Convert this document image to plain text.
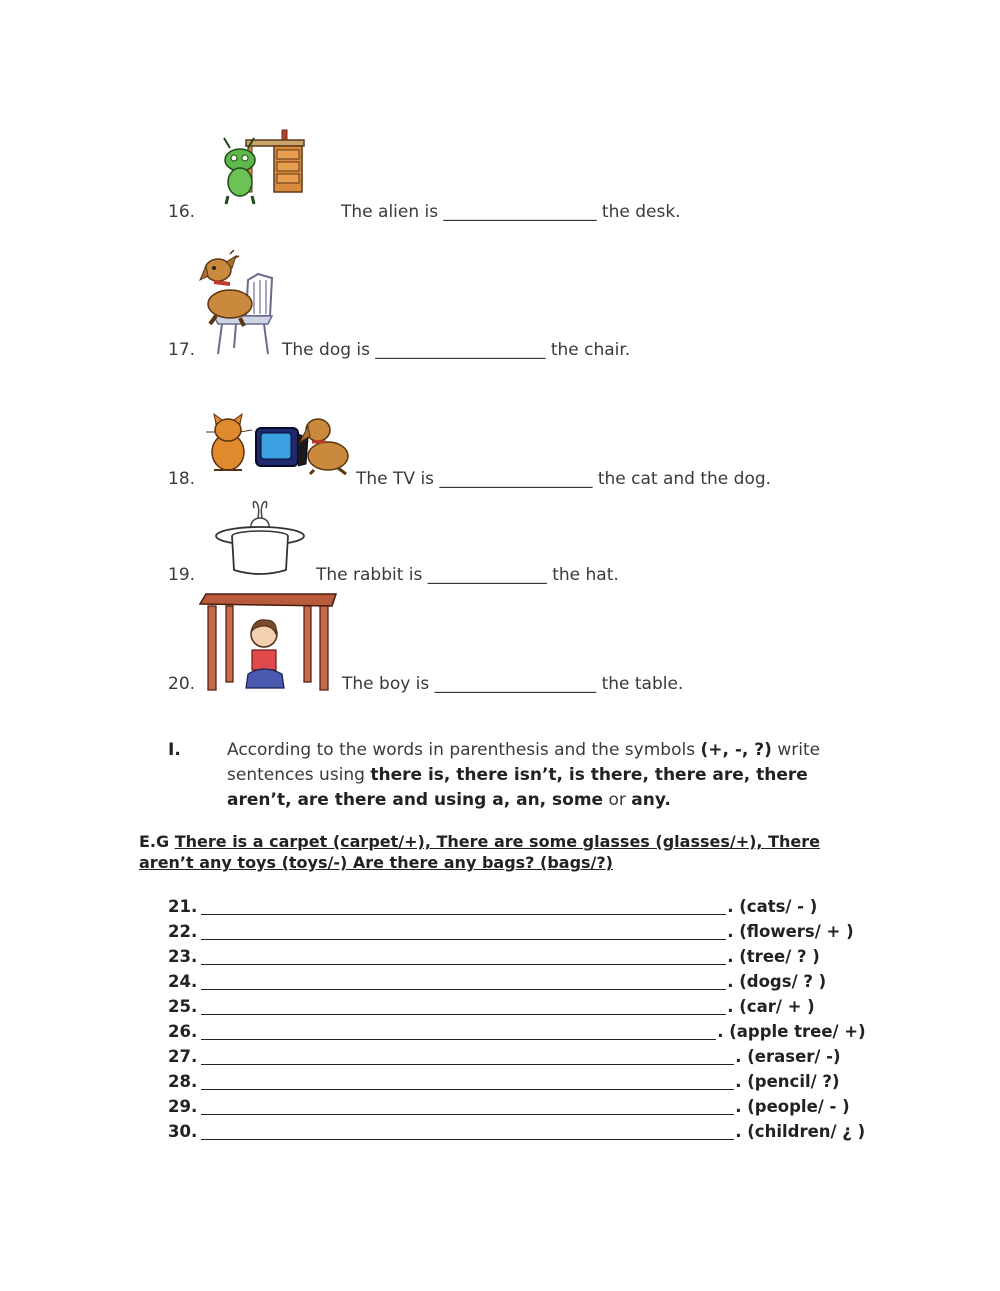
16.	The alien is __________________ the desk.
17.	The dog is ____________________ the chair.
18.	The TV is __________________ the cat and the dog.
19.	The rabbit is ______________ the hat.
20.	The boy is ___________________ the table.
I.	According to the words in parenthesis and the symbols (+, -, ?) write sentences using there is, there isn’t, is there, there are, there aren’t, are there and using a, an, some or any.
E.G There is a carpet (carpet/+), There are some glasses (glasses/+), There aren’t any toys (toys/-) Are there any bags? (bags/?)
21.	. (cats/ - )
22.	. (flowers/ + )
23.	. (tree/ ? )
24.	. (dogs/ ? )
25.	. (car/ + )
26.	. (apple tree/ +)
27.	. (eraser/ -)
28.	. (pencil/ ?)
29.	. (people/ - )
30.	. (children/ ¿ )
